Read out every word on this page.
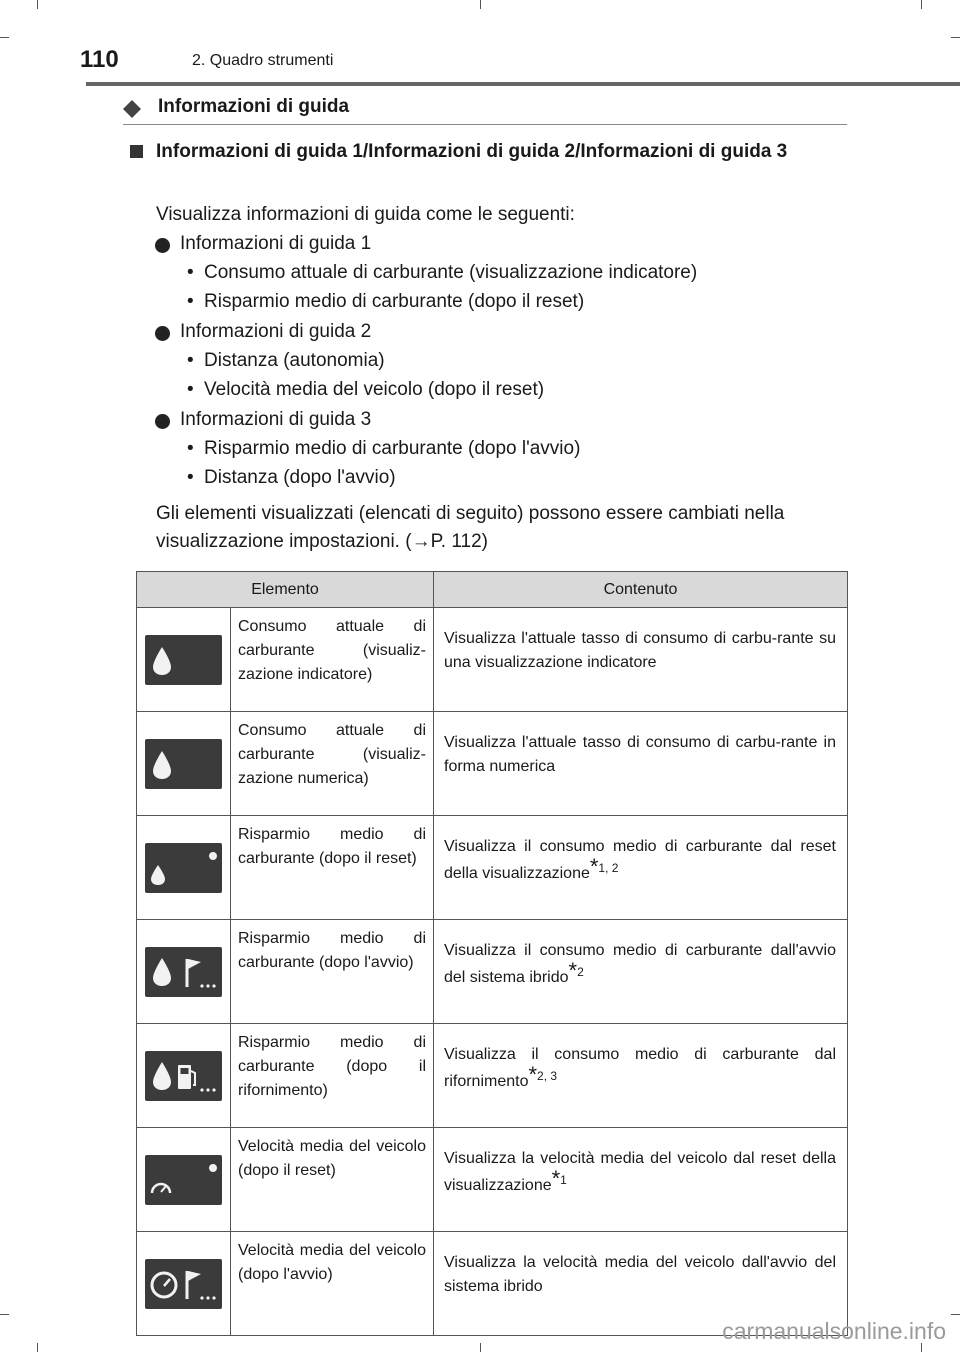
110	2. Quadro strumenti
Informazioni di guida
Informazioni di guida 1/Informazioni di guida 2/Informazioni di guida 3
Visualizza informazioni di guida come le seguenti:
Informazioni di guida 1
• Consumo attuale di carburante (visualizzazione indicatore)
• Risparmio medio di carburante (dopo il reset)
Informazioni di guida 2
• Distanza (autonomia)
• Velocità media del veicolo (dopo il reset)
Informazioni di guida 3
• Risparmio medio di carburante (dopo l'avvio)
• Distanza (dopo l'avvio)
Gli elementi visualizzati (elencati di seguito) possono essere cambiati nella
visualizzazione impostazioni. (→P. 112)
Elemento		Contenuto

	Consumo attuale di carburante (visualiz-zazione indicatore)	Visualizza l'attuale tasso di consumo di carbu-rante su una visualizzazione indicatore

	Consumo attuale di carburante (visualiz-zazione numerica)	Visualizza l'attuale tasso di consumo di carbu-rante in forma numerica

	Risparmio medio di carburante (dopo il reset)	Visualizza il consumo medio di carburante dal reset della visualizzazione$^{*1, 2}$

	Risparmio medio di carburante (dopo l'avvio)	Visualizza il consumo medio di carburante dall'avvio del sistema ibrido$^{*2}$

	Risparmio medio di carburante (dopo il rifornimento)	Visualizza il consumo medio di carburante dal rifornimento$^{*2, 3}$

	Velocità media del veicolo (dopo il reset)	Visualizza la velocità media del veicolo dal reset della visualizzazione$^{*1}$

	Velocità media del veicolo (dopo l'avvio)	Visualizza la velocità media del veicolo dall'avvio del sistema ibrido
carmanualsonline.info
